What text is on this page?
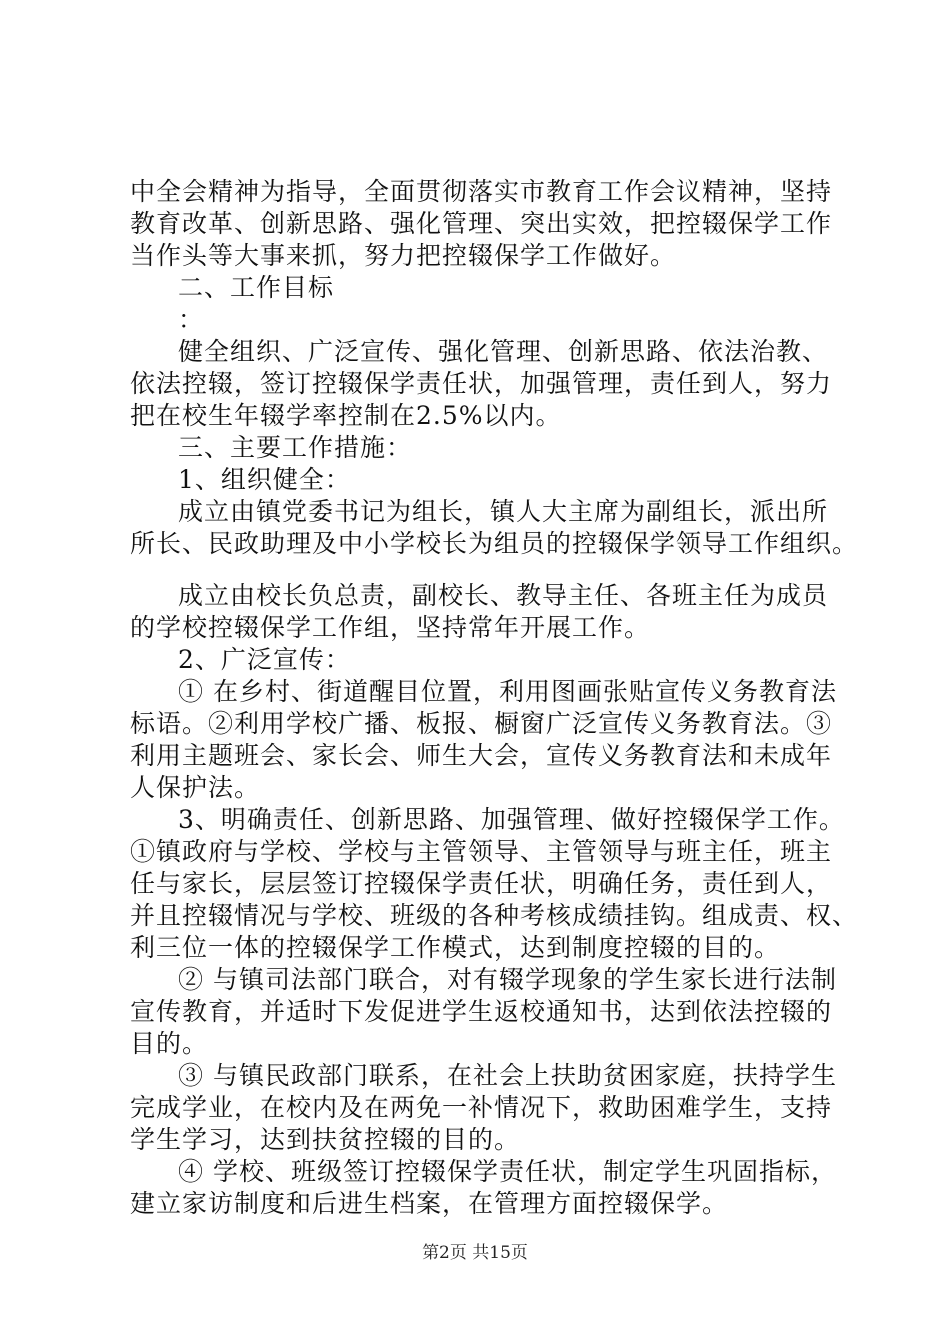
中全会精神为指导，全面贯彻落实市教育工作会议精神，坚持
教育改革、创新思路、强化管理、突出实效，把控辍保学工作
当作头等大事来抓，努力把控辍保学工作做好。
二、工作目标
：
健全组织、广泛宣传、强化管理、创新思路、依法治教、
依法控辍，签订控辍保学责任状，加强管理，责任到人，努力
把在校生年辍学率控制在2.5%以内。
三、主要工作措施：
1、组织健全：
成立由镇党委书记为组长，镇人大主席为副组长，派出所
所长、民政助理及中小学校长为组员的控辍保学领导工作组织。
成立由校长负总责，副校长、教导主任、各班主任为成员
的学校控辍保学工作组，坚持常年开展工作。
2、广泛宣传：
① 在乡村、街道醒目位置，利用图画张贴宣传义务教育法
标语。②利用学校广播、板报、橱窗广泛宣传义务教育法。③
利用主题班会、家长会、师生大会，宣传义务教育法和未成年
人保护法。
3、明确责任、创新思路、加强管理、做好控辍保学工作。
①镇政府与学校、学校与主管领导、主管领导与班主任，班主
任与家长，层层签订控辍保学责任状，明确任务，责任到人，
并且控辍情况与学校、班级的各种考核成绩挂钩。组成责、权、
利三位一体的控辍保学工作模式，达到制度控辍的目的。
② 与镇司法部门联合，对有辍学现象的学生家长进行法制
宣传教育，并适时下发促进学生返校通知书，达到依法控辍的
目的。
③ 与镇民政部门联系，在社会上扶助贫困家庭，扶持学生
完成学业，在校内及在两免一补情况下，救助困难学生，支持
学生学习，达到扶贫控辍的目的。
④ 学校、班级签订控辍保学责任状，制定学生巩固指标，
建立家访制度和后进生档案，在管理方面控辍保学。
第2页 共15页
